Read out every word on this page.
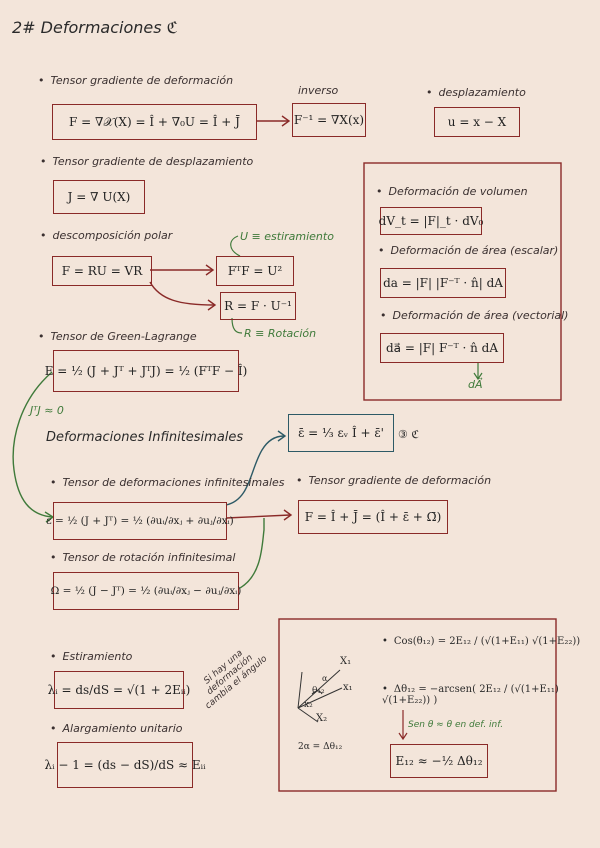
2# Deformaciones ℭ
• Tensor gradiente de deformación
F = ∇𝒳(X) = Î + ∇₀U = Î + J̄
inverso
F⁻¹ = ∇X(x)
• desplazamiento
u = x − X
• Tensor gradiente de desplazamiento
J = ∇ U(X)
• descomposición polar
F = RU = VR
U ≡ estiramiento
FᵀF = U²
R = F · U⁻¹
R ≡ Rotación
• Deformación de volumen
dV_t = |F|_t · dV₀
• Deformación de área (escalar)
da = |F| |F⁻ᵀ · n̂| dA
• Deformación de área (vectorial)
da⃗ = |F| F⁻ᵀ · n̂ dA
dA⃗
• Tensor de Green-Lagrange
E = ½ (J + Jᵀ + JᵀJ) = ½ (FᵀF − Î)
JᵀJ ≈ 0
Deformaciones Infinitesimales	ε̄ = ⅓ εᵥ Î + ε̄'	③ ℭ
• Tensor de deformaciones infinitesimales
ε = ½ (J + Jᵀ) = ½ (∂uᵢ/∂xⱼ + ∂uⱼ/∂xᵢ)
• Tensor gradiente de deformación
F = Î + J̄ = (Î + ε̄ + Ω̄)
• Tensor de rotación infinitesimal
Ω = ½ (J − Jᵀ) = ½ (∂uᵢ/∂xⱼ − ∂uⱼ/∂xᵢ)
• Estiramiento
λᵢ = ds/dS = √(1 + 2Eᵢᵢ)
Si hay una deformación cambia el ángulo
• Alargamiento unitario
λᵢ − 1 = (ds − dS)/dS ≈ Eᵢᵢ
• Cos(θ₁₂) = 2E₁₂ / (√(1+E₁₁) √(1+E₂₂))
• Δθ₁₂ = −arcsen( 2E₁₂ / (√(1+E₁₁) √(1+E₂₂)) )
Sen θ ≈ θ en def. inf.
E₁₂ ≈ −½ Δθ₁₂
2α = Δθ₁₂
X₁
x₁
X₂
x₂
θ₁₂
α
